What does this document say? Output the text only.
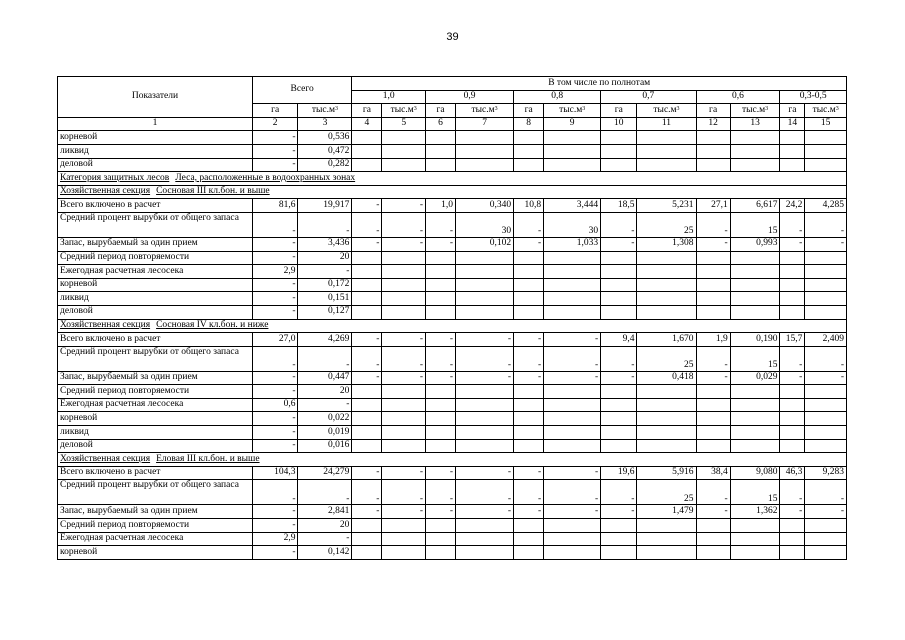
39
Показатели	Всего		В том числе по полнотам											
			1,0		0,9		0,8		0,7		0,6		0,3-0,5	
	га	$тыс.м^3$	га	$тыс.м^3$	га	$тыс.м^3$	га	$тыс.м^3$	га	$тыс.м^3$	га	$тыс.м^3$	га	$тыс.м^3$
1	2	3	4	5	6	7	8	9	10	11	12	13	14	15
корневой	-	0,536												
ликвид	-	0,472												
деловой	-	0,282												
Категория защитных лесов Леса, расположенные в водоохранных зонах														
Хозяйственная секция Сосновая III кл.бон. и выше														
Всего включено в расчет	81,6	19,917	-	-	1,0	0,340	10,8	3,444	18,5	5,231	27,1	6,617	24,2	4,285
Средний процент вырубки от общего запаса	-	-	-	-	-	30	-	30	-	25	-	15	-	-
Запас, вырубаемый за один прием	-	3,436	-	-	-	0,102	-	1,033	-	1,308	-	0,993	-	-
Средний период повторяемости	-	20												
Ежегодная расчетная лесосека	2,9	-												
корневой	-	0,172												
ликвид	-	0,151												
деловой	-	0,127												
Хозяйственная секция Сосновая IV кл.бон. и ниже														
Всего включено в расчет	27,0	4,269	-	-	-	-	-	-	9,4	1,670	1,9	0,190	15,7	2,409
Средний процент вырубки от общего запаса	-	-	-	-	-	-	-	-	-	25	-	15	-	-
Запас, вырубаемый за один прием	-	0,447	-	-	-	-	-	-	-	0,418	-	0,029	-	-
Средний период повторяемости	-	20												
Ежегодная расчетная лесосека	0,6	-												
корневой	-	0,022												
ликвид	-	0,019												
деловой	-	0,016												
Хозяйственная секция Еловая III кл.бон. и выше														
Всего включено в расчет	104,3	24,279	-	-	-	-	-	-	19,6	5,916	38,4	9,080	46,3	9,283
Средний процент вырубки от общего запаса	-	-	-	-	-	-	-	-	-	25	-	15	-	-
Запас, вырубаемый за один прием	-	2,841	-	-	-	-	-	-	-	1,479	-	1,362	-	-
Средний период повторяемости	-	20												
Ежегодная расчетная лесосека	2,9	-												
корневой	-	0,142												
